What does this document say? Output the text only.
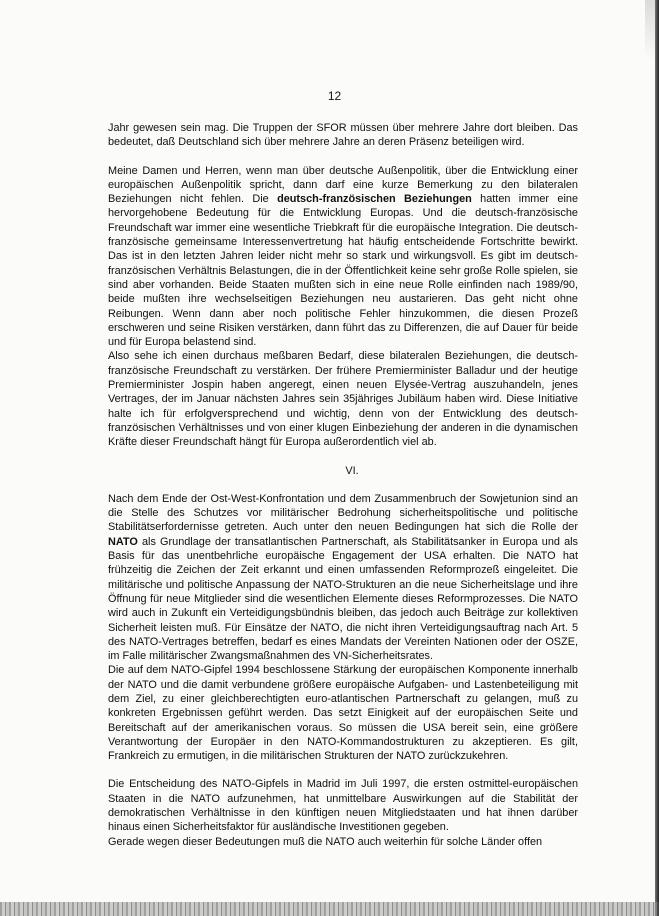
12

Jahr gewesen sein mag. Die Truppen der SFOR müssen über mehrere Jahre dort bleiben. Das bedeutet, daß Deutschland sich über mehrere Jahre an deren Präsenz beteiligen wird.

Meine Damen und Herren, wenn man über deutsche Außenpolitik, über die Entwicklung einer europäischen Außenpolitik spricht, dann darf eine kurze Bemerkung zu den bilateralen Beziehungen nicht fehlen. Die deutsch-französischen Beziehungen hatten immer eine hervorgehobene Bedeutung für die Entwicklung Europas. Und die deutsch-französische Freundschaft war immer eine wesentliche Triebkraft für die europäische Integration. Die deutsch-französische gemeinsame Interessenvertretung hat häufig entscheidende Fortschritte bewirkt. Das ist in den letzten Jahren leider nicht mehr so stark und wirkungsvoll. Es gibt im deutsch-französischen Verhältnis Belastungen, die in der Öffentlichkeit keine sehr große Rolle spielen, sie sind aber vorhanden. Beide Staaten mußten sich in eine neue Rolle einfinden nach 1989/90, beide mußten ihre wechselseitigen Beziehungen neu austarieren. Das geht nicht ohne Reibungen. Wenn dann aber noch politische Fehler hinzukommen, die diesen Prozeß erschweren und seine Risiken verstärken, dann führt das zu Differenzen, die auf Dauer für beide und für Europa belastend sind.

Also sehe ich einen durchaus meßbaren Bedarf, diese bilateralen Beziehungen, die deutsch-französische Freundschaft zu verstärken. Der frühere Premierminister Balladur und der heutige Premierminister Jospin haben angeregt, einen neuen Elysée-Vertrag auszuhandeln, jenes Vertrages, der im Januar nächsten Jahres sein 35jähriges Jubiläum haben wird. Diese Initiative halte ich für erfolgversprechend und wichtig, denn von der Entwicklung des deutsch-französischen Verhältnisses und von einer klugen Einbeziehung der anderen in die dynamischen Kräfte dieser Freundschaft hängt für Europa außerordentlich viel ab.

VI.

Nach dem Ende der Ost-West-Konfrontation und dem Zusammenbruch der Sowjetunion sind an die Stelle des Schutzes vor militärischer Bedrohung sicherheitspolitische und politische Stabilitätserfordernisse getreten. Auch unter den neuen Bedingungen hat sich die Rolle der NATO als Grundlage der transatlantischen Partnerschaft, als Stabilitätsanker in Europa und als Basis für das unentbehrliche europäische Engagement der USA erhalten. Die NATO hat frühzeitig die Zeichen der Zeit erkannt und einen umfassenden Reformprozeß eingeleitet. Die militärische und politische Anpassung der NATO-Strukturen an die neue Sicherheitslage und ihre Öffnung für neue Mitglieder sind die wesentlichen Elemente dieses Reformprozesses. Die NATO wird auch in Zukunft ein Verteidigungsbündnis bleiben, das jedoch auch Beiträge zur kollektiven Sicherheit leisten muß. Für Einsätze der NATO, die nicht ihren Verteidigungsauftrag nach Art. 5 des NATO-Vertrages betreffen, bedarf es eines Mandats der Vereinten Nationen oder der OSZE, im Falle militärischer Zwangsmaßnahmen des VN-Sicherheitsrates.

Die auf dem NATO-Gipfel 1994 beschlossene Stärkung der europäischen Komponente innerhalb der NATO und die damit verbundene größere europäische Aufgaben- und Lastenbeteiligung mit dem Ziel, zu einer gleichberechtigten euro-atlantischen Partnerschaft zu gelangen, muß zu konkreten Ergebnissen geführt werden. Das setzt Einigkeit auf der europäischen Seite und Bereitschaft auf der amerikanischen voraus. So müssen die USA bereit sein, eine größere Verantwortung der Europäer in den NATO-Kommandostrukturen zu akzeptieren. Es gilt, Frankreich zu ermutigen, in die militärischen Strukturen der NATO zurückzukehren.

Die Entscheidung des NATO-Gipfels in Madrid im Juli 1997, die ersten ostmittel-europäischen Staaten in die NATO aufzunehmen, hat unmittelbare Auswirkungen auf die Stabilität der demokratischen Verhältnisse in den künftigen neuen Mitgliedstaaten und hat ihnen darüber hinaus einen Sicherheitsfaktor für ausländische Investitionen gegeben.

Gerade wegen dieser Bedeutungen muß die NATO auch weiterhin für solche Länder offen
